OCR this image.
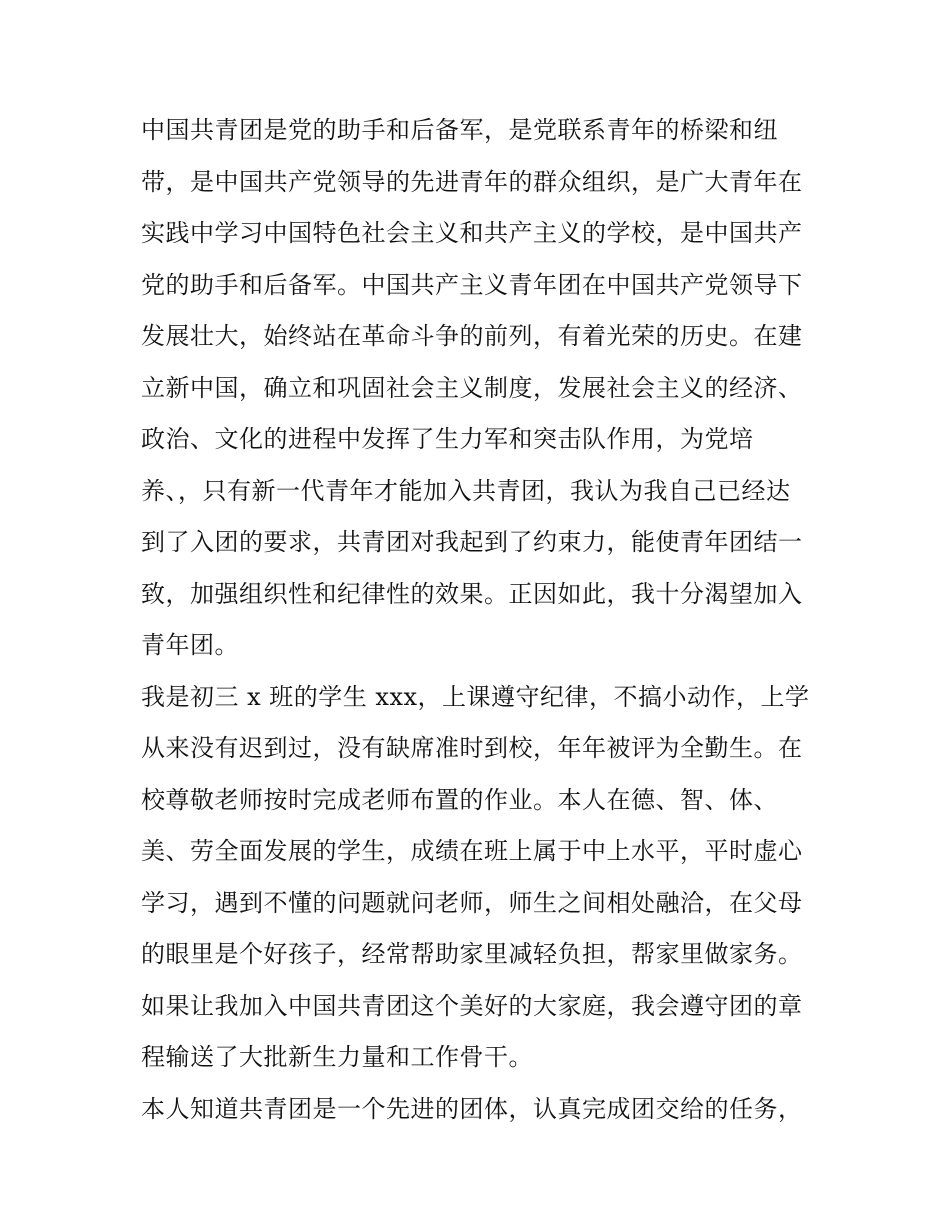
中国共青团是党的助手和后备军，是党联系青年的桥梁和纽
带，是中国共产党领导的先进青年的群众组织，是广大青年在
实践中学习中国特色社会主义和共产主义的学校，是中国共产
党的助手和后备军。中国共产主义青年团在中国共产党领导下
发展壮大，始终站在革命斗争的前列，有着光荣的历史。在建
立新中国，确立和巩固社会主义制度，发展社会主义的经济、
政治、文化的进程中发挥了生力军和突击队作用，为党培
养、，只有新一代青年才能加入共青团，我认为我自己已经达
到了入团的要求，共青团对我起到了约束力，能使青年团结一
致，加强组织性和纪律性的效果。正因如此，我十分渴望加入
青年团。
我是初三 x 班的学生 xxx，上课遵守纪律，不搞小动作，上学
从来没有迟到过，没有缺席准时到校，年年被评为全勤生。在
校尊敬老师按时完成老师布置的作业。本人在德、智、体、
美、劳全面发展的学生，成绩在班上属于中上水平，平时虚心
学习，遇到不懂的问题就问老师，师生之间相处融洽，在父母
的眼里是个好孩子，经常帮助家里减轻负担，帮家里做家务。
如果让我加入中国共青团这个美好的大家庭，我会遵守团的章
程输送了大批新生力量和工作骨干。
本人知道共青团是一个先进的团体，认真完成团交给的任务，
